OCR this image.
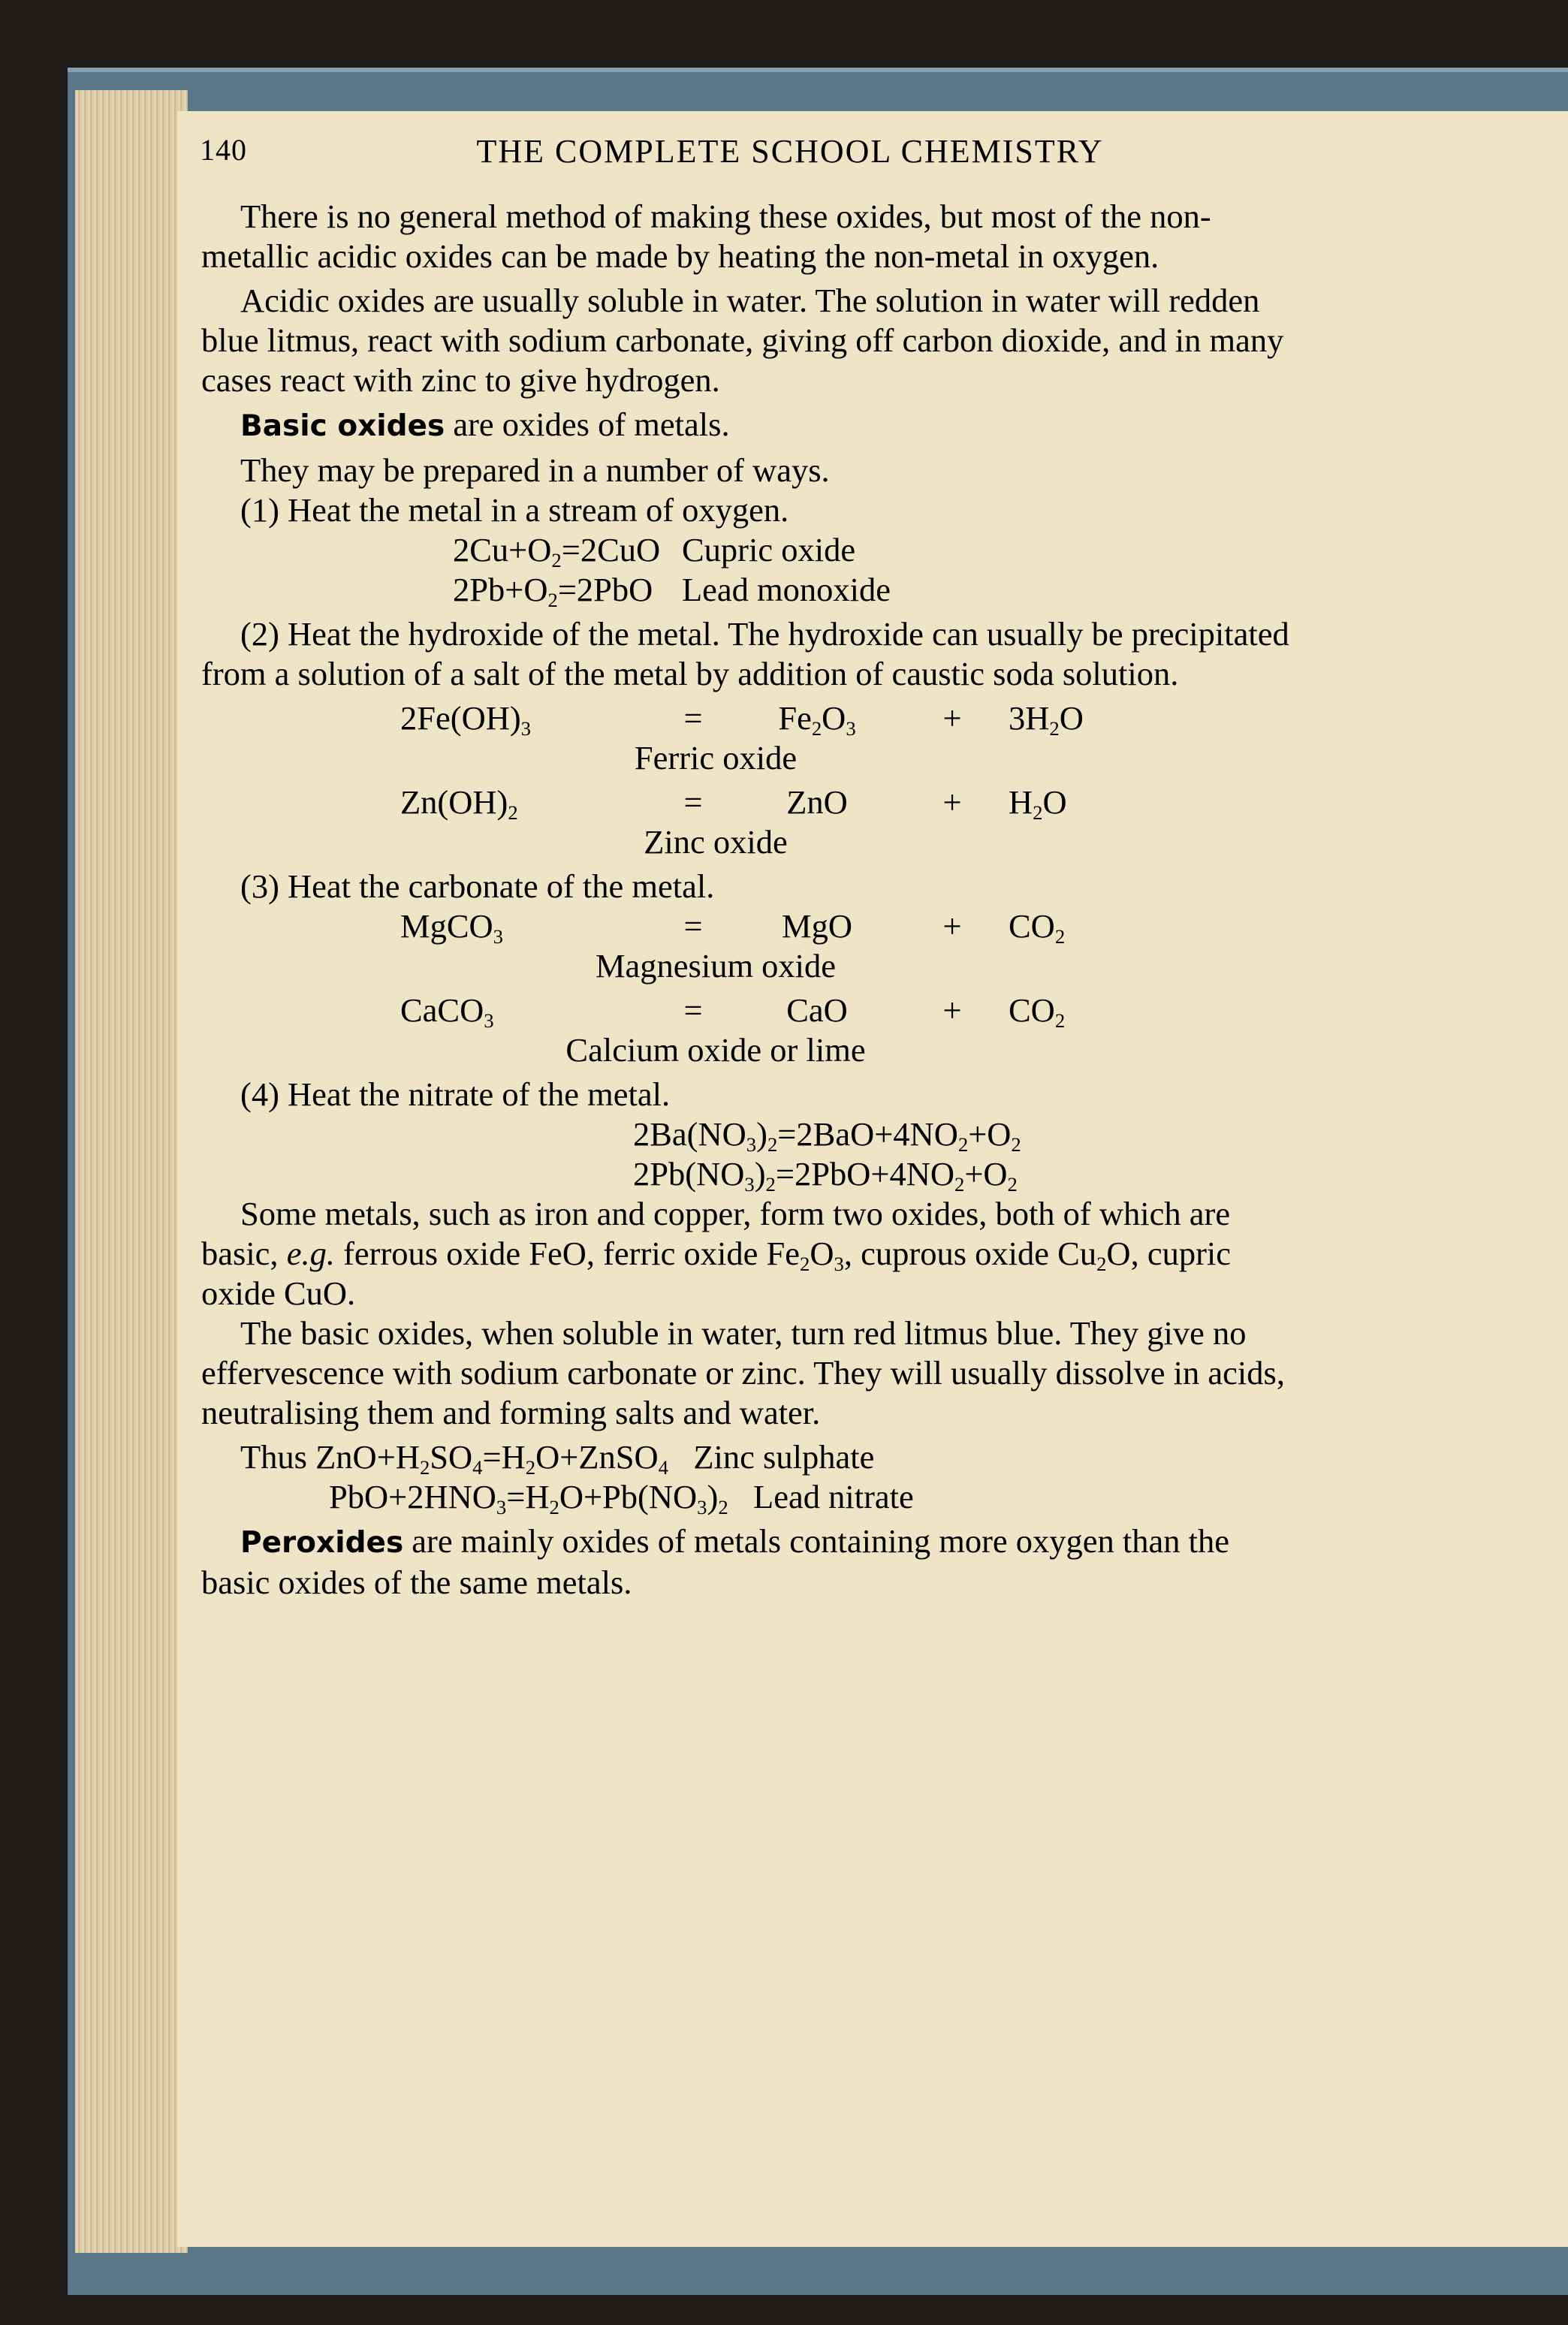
140	THE COMPLETE SCHOOL CHEMISTRY

There is no general method of making these oxides, but most of the non-metallic acidic oxides can be made by heating the non-metal in oxygen.

Acidic oxides are usually soluble in water. The solution in water will redden blue litmus, react with sodium carbonate, giving off carbon dioxide, and in many cases react with zinc to give hydrogen.

Basic oxides are oxides of metals.

They may be prepared in a number of ways.

(1) Heat the metal in a stream of oxygen.

$2Cu+O_2=2CuO$ Cupric oxide
$2Pb+O_2=2PbO$ Lead monoxide

(2) Heat the hydroxide of the metal. The hydroxide can usually be precipitated from a solution of a salt of the metal by addition of caustic soda solution.

$2Fe(OH)_3$	=	$Fe_2O_3$	+	$3H_2O$
Ferric oxide
$Zn(OH)_2$	=	ZnO	+	$H_2O$
Zinc oxide

(3) Heat the carbonate of the metal.

MgCO$_3$	=	MgO	+	$CO_2$
Magnesium oxide
CaCO$_3$	=	CaO	+	$CO_2$
Calcium oxide or lime

(4) Heat the nitrate of the metal.

$2Ba(NO_3)_2=2BaO+4NO_2+O_2$
$2Pb(NO_3)_2=2PbO+4NO_2+O_2$

Some metals, such as iron and copper, form two oxides, both of which are basic, e.g. ferrous oxide FeO, ferric oxide $Fe_2O_3$, cuprous oxide $Cu_2O$, cupric oxide CuO.

The basic oxides, when soluble in water, turn red litmus blue. They give no effervescence with sodium carbonate or zinc. They will usually dissolve in acids, neutralising them and forming salts and water.

Thus $ZnO+H_2SO_4=H_2O+ZnSO_4$ Zinc sulphate
$PbO+2HNO_3=H_2O+Pb(NO_3)_2$ Lead nitrate

Peroxides are mainly oxides of metals containing more oxygen than the basic oxides of the same metals.
